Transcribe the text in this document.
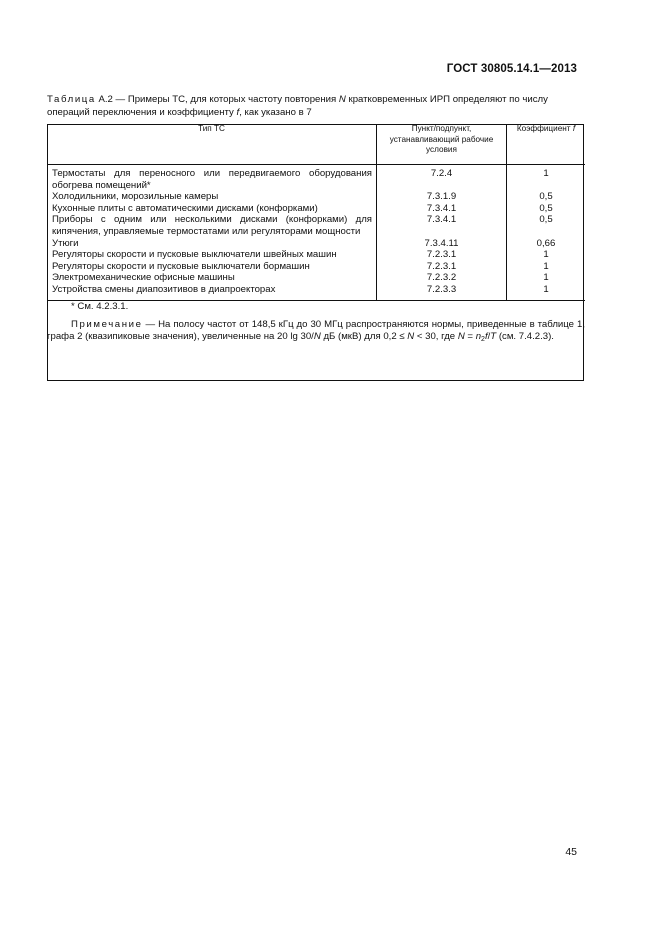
ГОСТ 30805.14.1—2013
Таблица А.2 — Примеры ТС, для которых частоту повторения N кратковременных ИРП определяют по числу операций переключения и коэффициенту f, как указано в 7
Тип ТС	Пункт/подпункт, устанавливающий рабочие условия	Коэффициент f
Термостаты для переносного или передвигаемого оборудования обогрева помещений*	7.2.4	1
Холодильники, морозильные камеры	7.3.1.9	0,5
Кухонные плиты с автоматическими дисками (конфорками)	7.3.4.1	0,5
Приборы с одним или несколькими дисками (конфорками) для кипячения, управляемые термостатами или регуляторами мощности	7.3.4.1	0,5
Утюги	7.3.4.11	0,66
Регуляторы скорости и пусковые выключатели швейных машин	7.2.3.1	1
Регуляторы скорости и пусковые выключатели бормашин	7.2.3.1	1
Электромеханические офисные машины	7.2.3.2	1
Устройства смены диапозитивов в диапроекторах	7.2.3.3	1

* См. 4.2.3.1.

Примечание — На полосу частот от 148,5 кГц до 30 МГц распространяются нормы, приведенные в таблице 1, графа 2 (квазипиковые значения), увеличенные на 20 lg 30/N дБ (мкВ) для 0,2 ≤ N < 30, где $N = n_2f/T$ (см. 7.4.2.3).		

45
